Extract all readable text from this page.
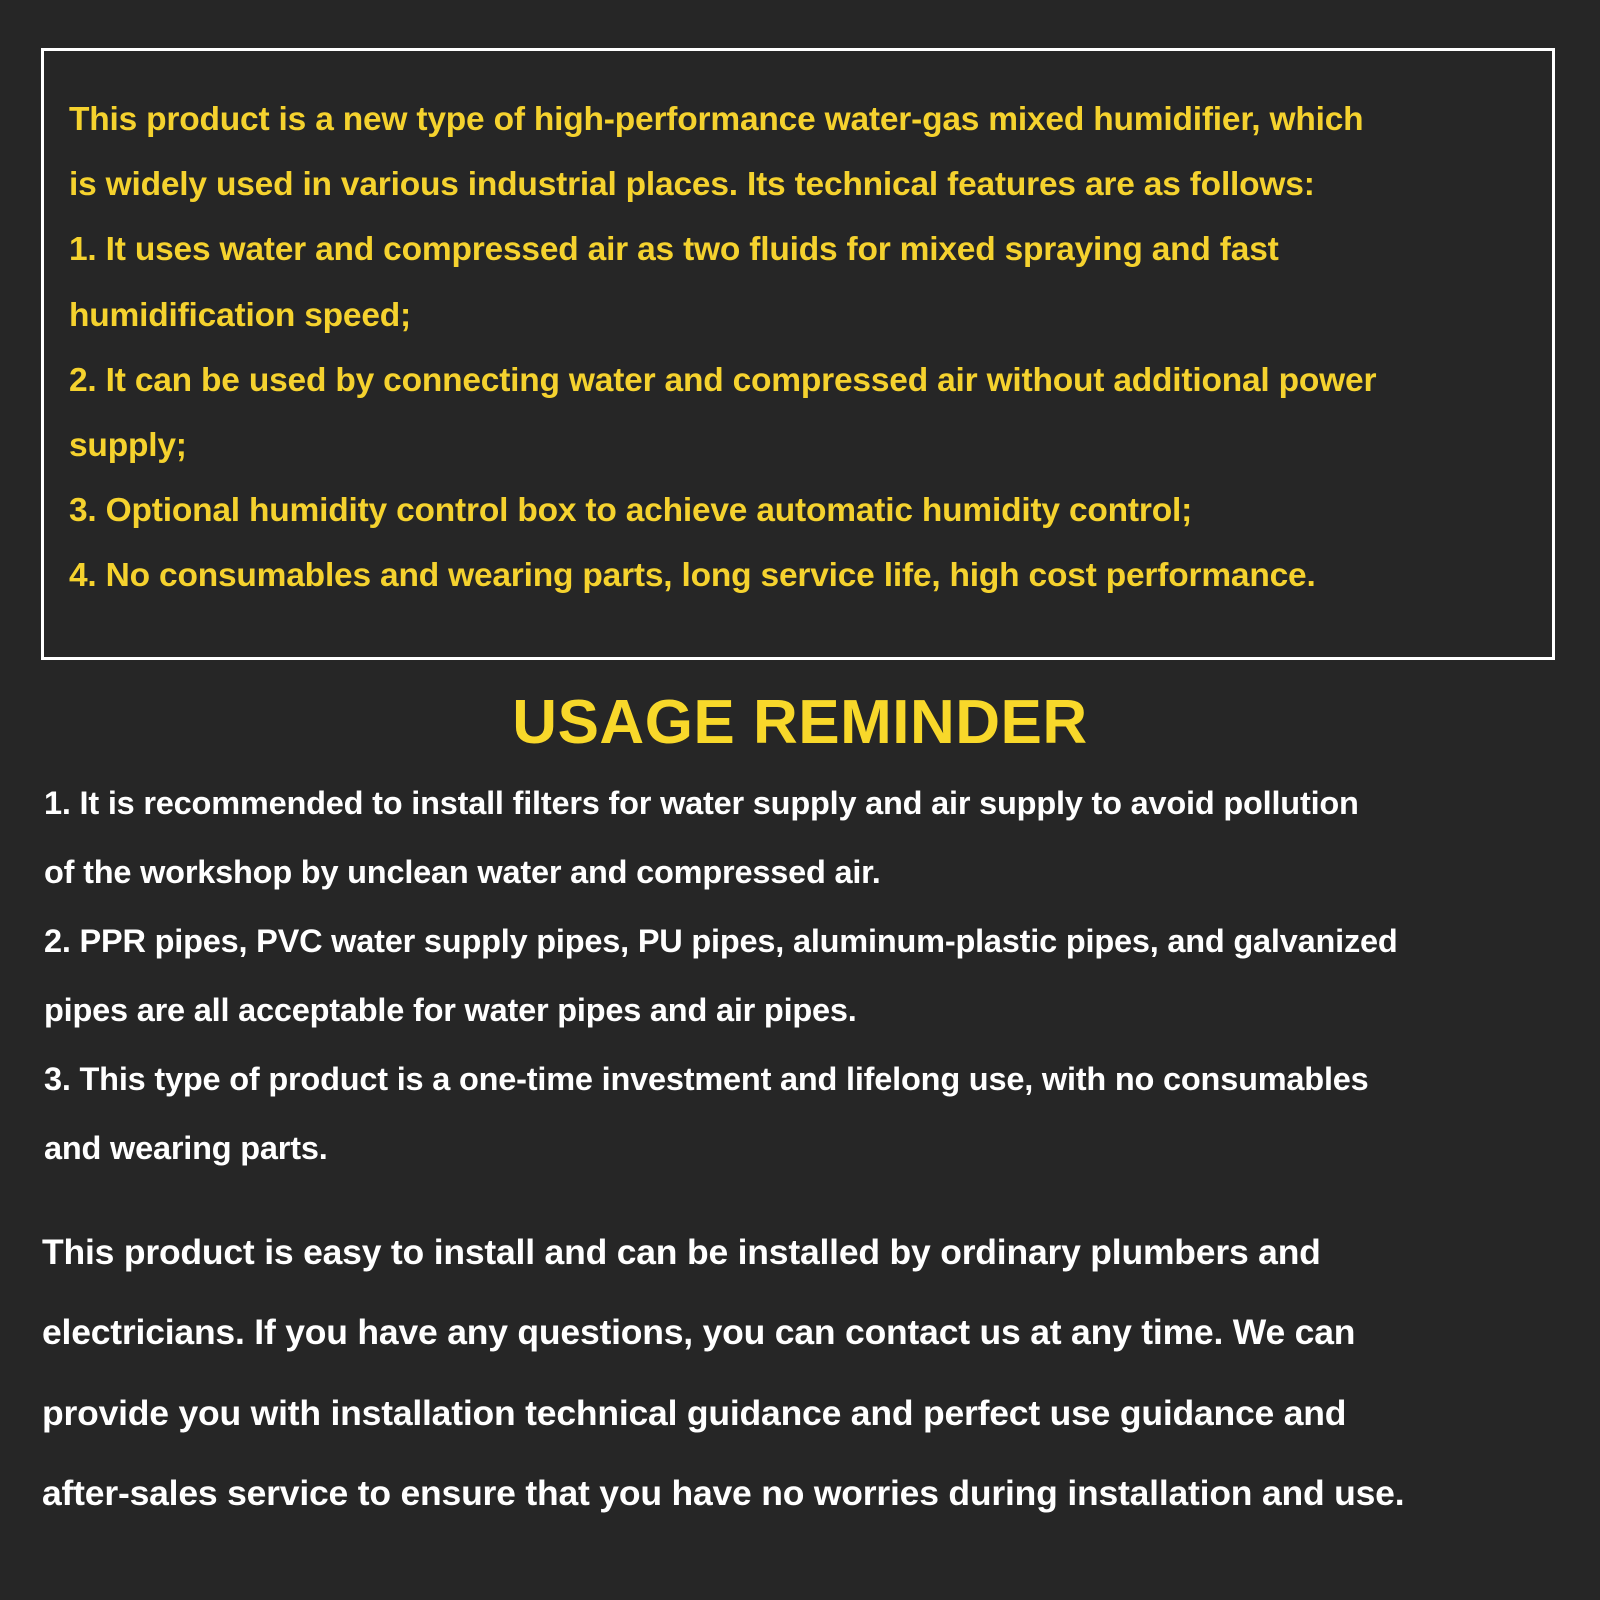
This product is a new type of high-performance water-gas mixed humidifier, which
is widely used in various industrial places. Its technical features are as follows:

1. It uses water and compressed air as two fluids for mixed spraying and fast
humidification speed;

2. It can be used by connecting water and compressed air without additional power
supply;

3. Optional humidity control box to achieve automatic humidity control;

4. No consumables and wearing parts, long service life, high cost performance.

USAGE REMINDER

1. It is recommended to install filters for water supply and air supply to avoid pollution
of the workshop by unclean water and compressed air.

2. PPR pipes, PVC water supply pipes, PU pipes, aluminum-plastic pipes, and galvanized
pipes are all acceptable for water pipes and air pipes.

3. This type of product is a one-time investment and lifelong use, with no consumables
and wearing parts.

This product is easy to install and can be installed by ordinary plumbers and
electricians. If you have any questions, you can contact us at any time. We can
provide you with installation technical guidance and perfect use guidance and
after-sales service to ensure that you have no worries during installation and use.
